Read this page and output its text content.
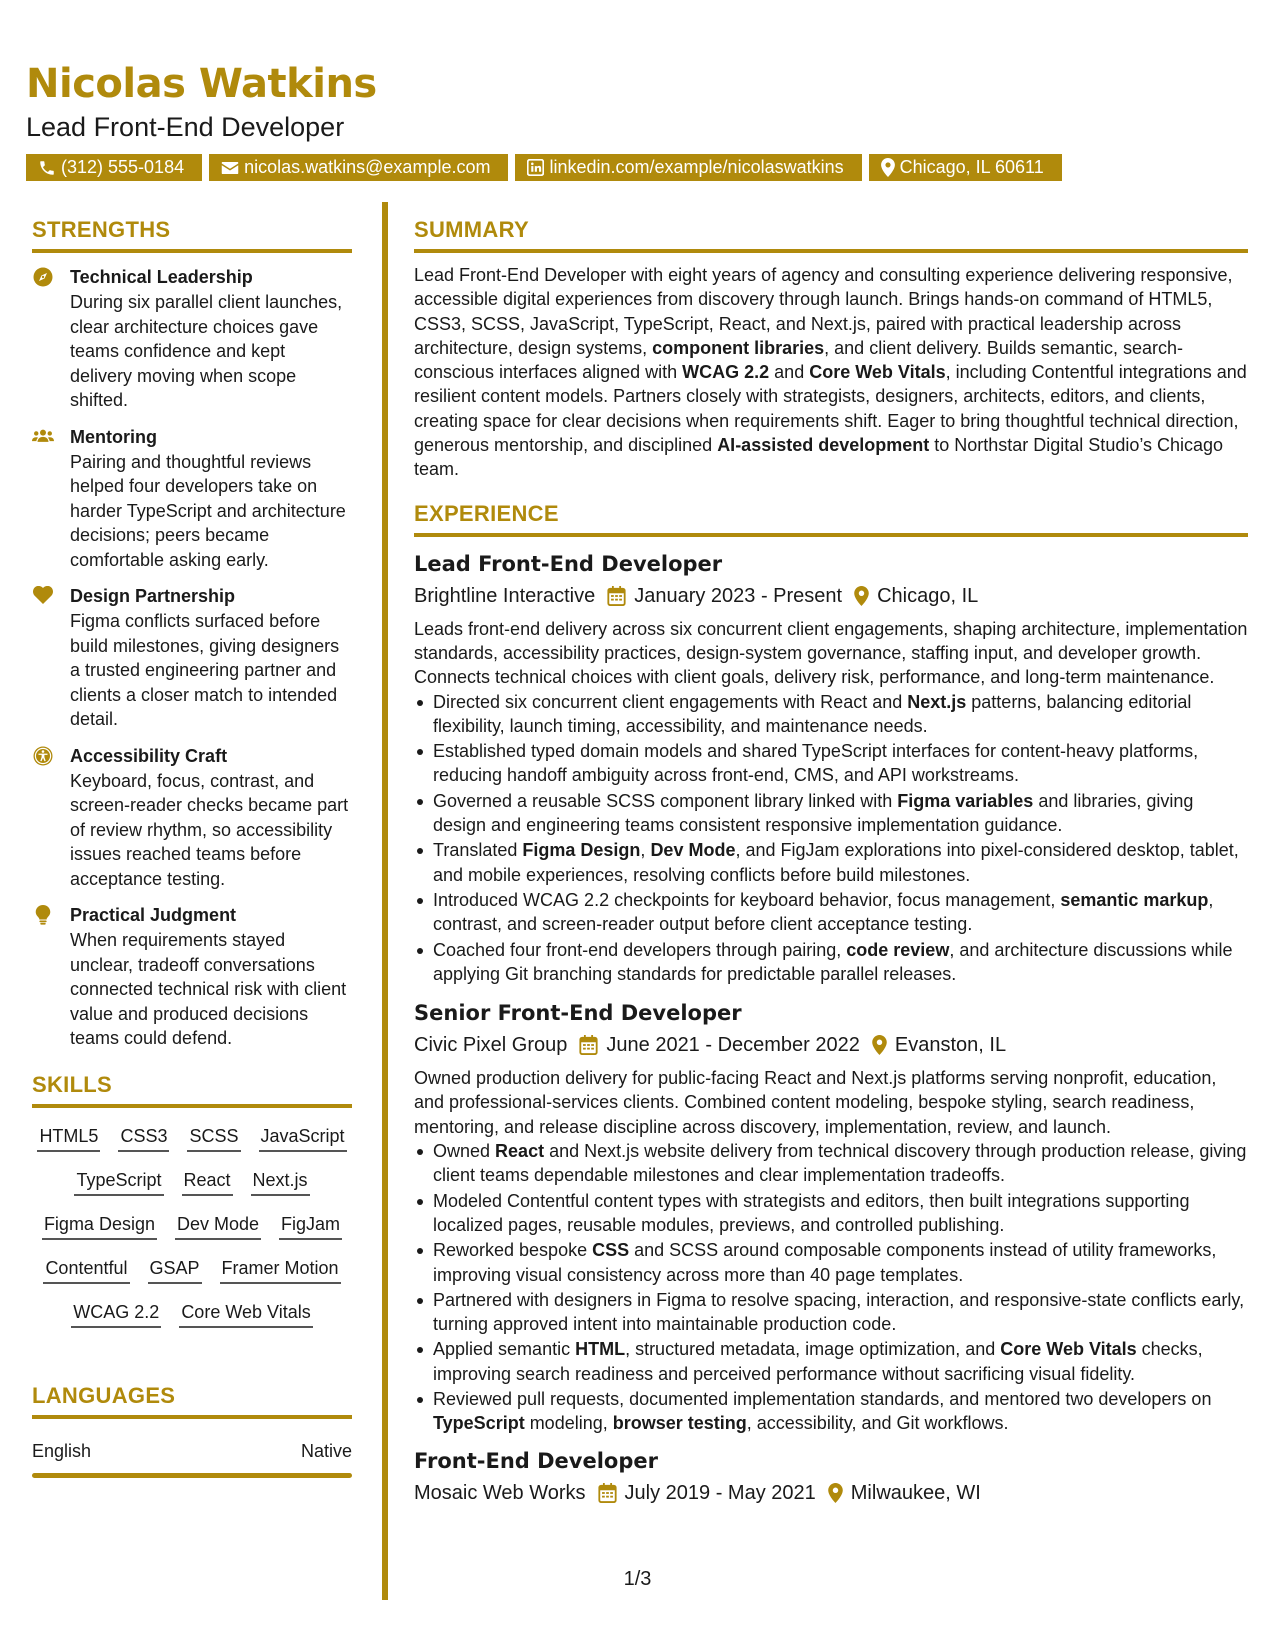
Nicolas Watkins
Lead Front-End Developer
(312) 555-0184	nicolas.watkins@example.com	linkedin.com/example/nicolaswatkins	Chicago, IL 60611
STRENGTHS
Technical Leadership
During six parallel client launches, clear architecture choices gave teams confidence and kept delivery moving when scope shifted.
Mentoring
Pairing and thoughtful reviews helped four developers take on harder TypeScript and architecture decisions; peers became comfortable asking early.
Design Partnership
Figma conflicts surfaced before build milestones, giving designers a trusted engineering partner and clients a closer match to intended detail.
Accessibility Craft
Keyboard, focus, contrast, and screen-reader checks became part of review rhythm, so accessibility issues reached teams before acceptance testing.
Practical Judgment
When requirements stayed unclear, tradeoff conversations connected technical risk with client value and produced decisions teams could defend.
SKILLS
HTML5 CSS3 SCSS JavaScript
TypeScript React Next.js
Figma Design Dev Mode FigJam
Contentful GSAP Framer Motion
WCAG 2.2 Core Web Vitals
LANGUAGES
English	Native
SUMMARY
Lead Front-End Developer with eight years of agency and consulting experience delivering responsive, accessible digital experiences from discovery through launch. Brings hands-on command of HTML5, CSS3, SCSS, JavaScript, TypeScript, React, and Next.js, paired with practical leadership across architecture, design systems, component libraries, and client delivery. Builds semantic, search-conscious interfaces aligned with WCAG 2.2 and Core Web Vitals, including Contentful integrations and resilient content models. Partners closely with strategists, designers, architects, editors, and clients, creating space for clear decisions when requirements shift. Eager to bring thoughtful technical direction, generous mentorship, and disciplined AI-assisted development to Northstar Digital Studio’s Chicago team.
EXPERIENCE
Lead Front-End Developer
Brightline Interactive January 2023 - Present Chicago, IL
Leads front-end delivery across six concurrent client engagements, shaping architecture, implementation standards, accessibility practices, design-system governance, staffing input, and developer growth. Connects technical choices with client goals, delivery risk, performance, and long-term maintenance.
Directed six concurrent client engagements with React and Next.js patterns, balancing editorial flexibility, launch timing, accessibility, and maintenance needs.
Established typed domain models and shared TypeScript interfaces for content-heavy platforms, reducing handoff ambiguity across front-end, CMS, and API workstreams.
Governed a reusable SCSS component library linked with Figma variables and libraries, giving design and engineering teams consistent responsive implementation guidance.
Translated Figma Design, Dev Mode, and FigJam explorations into pixel-considered desktop, tablet, and mobile experiences, resolving conflicts before build milestones.
Introduced WCAG 2.2 checkpoints for keyboard behavior, focus management, semantic markup, contrast, and screen-reader output before client acceptance testing.
Coached four front-end developers through pairing, code review, and architecture discussions while applying Git branching standards for predictable parallel releases.
Senior Front-End Developer
Civic Pixel Group June 2021 - December 2022 Evanston, IL
Owned production delivery for public-facing React and Next.js platforms serving nonprofit, education, and professional-services clients. Combined content modeling, bespoke styling, search readiness, mentoring, and release discipline across discovery, implementation, review, and launch.
Owned React and Next.js website delivery from technical discovery through production release, giving client teams dependable milestones and clear implementation tradeoffs.
Modeled Contentful content types with strategists and editors, then built integrations supporting localized pages, reusable modules, previews, and controlled publishing.
Reworked bespoke CSS and SCSS around composable components instead of utility frameworks, improving visual consistency across more than 40 page templates.
Partnered with designers in Figma to resolve spacing, interaction, and responsive-state conflicts early, turning approved intent into maintainable production code.
Applied semantic HTML, structured metadata, image optimization, and Core Web Vitals checks, improving search readiness and perceived performance without sacrificing visual fidelity.
Reviewed pull requests, documented implementation standards, and mentored two developers on TypeScript modeling, browser testing, accessibility, and Git workflows.
Front-End Developer
Mosaic Web Works July 2019 - May 2021 Milwaukee, WI
1/3
